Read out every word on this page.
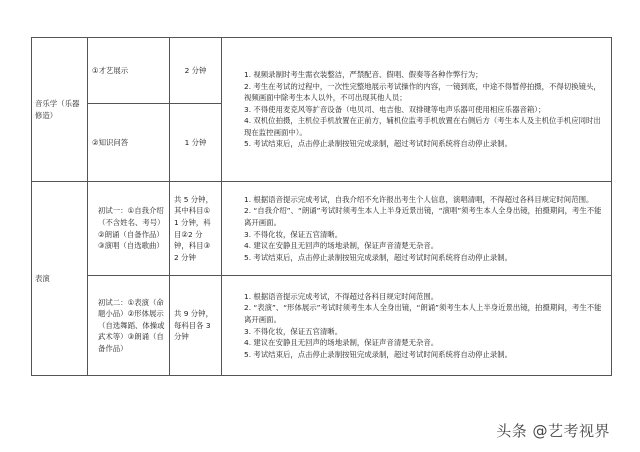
音乐学（乐器修造）	①才艺展示	2 分钟	1. 视频录制时考生需衣装整洁，严禁配音、假唱、假奏等各种作弊行为；
2. 考生在考试的过程中，一次性完整地展示考试操作的内容，一镜到底，中途不得暂停拍摄，不得切换镜头，视频画面中除考生本人以外，不可出现其他人员；
3. 不得使用麦克风等扩音设备（电贝司、电吉他、双排键等电声乐器可使用相应乐器音箱）；
4. 双机位拍摄，主机位手机放置在正前方，辅机位监考手机放置在右侧后方（考生本人及主机位手机应同时出现在监控画面中）。
5. 考试结束后，点击停止录制按钮完成录制，超过考试时间系统将自动停止录制。

	②知识问答	1 分钟	
表演	初试一：①自我介绍（不含姓名、考号）②朗诵（自备作品）③演唱（自选歌曲）	共 5 分钟，其中科目① 1 分钟，科目②2 分钟，科目③ 2 分钟	1. 根据语音提示完成考试，自我介绍不允许报出考生个人信息，演唱清唱，不得超过各科目规定时间范围。
2. “自我介绍”、“朗诵”考试时须考生本人上半身近景出镜，“演唱”须考生本人全身出镜，拍摄期间，考生不能离开画面。
3. 不得化妆，保证五官清晰。
4. 建议在安静且无回声的场地录制，保证声音清楚无杂音。
5. 考试结束后，点击停止录制按钮完成录制，超过考试时间系统将自动停止录制。

	初试二：①表演（命题小品）②形体展示（自选舞蹈、体操或武术等）③朗诵（自备作品）	共 9 分钟，每科目各 3 分钟	1. 根据语音提示完成考试，不得超过各科目规定时间范围。
2. “表演”、“形体展示”考试时须考生本人全身出镜，“朗诵”须考生本人上半身近景出镜，拍摄期间，考生不能离开画面。
3. 不得化妆，保证五官清晰。
4. 建议在安静且无回声的场地录制，保证声音清楚无杂音。
5. 考试结束后，点击停止录制按钮完成录制，超过考试时间系统将自动停止录制。
头条 @艺考视界
